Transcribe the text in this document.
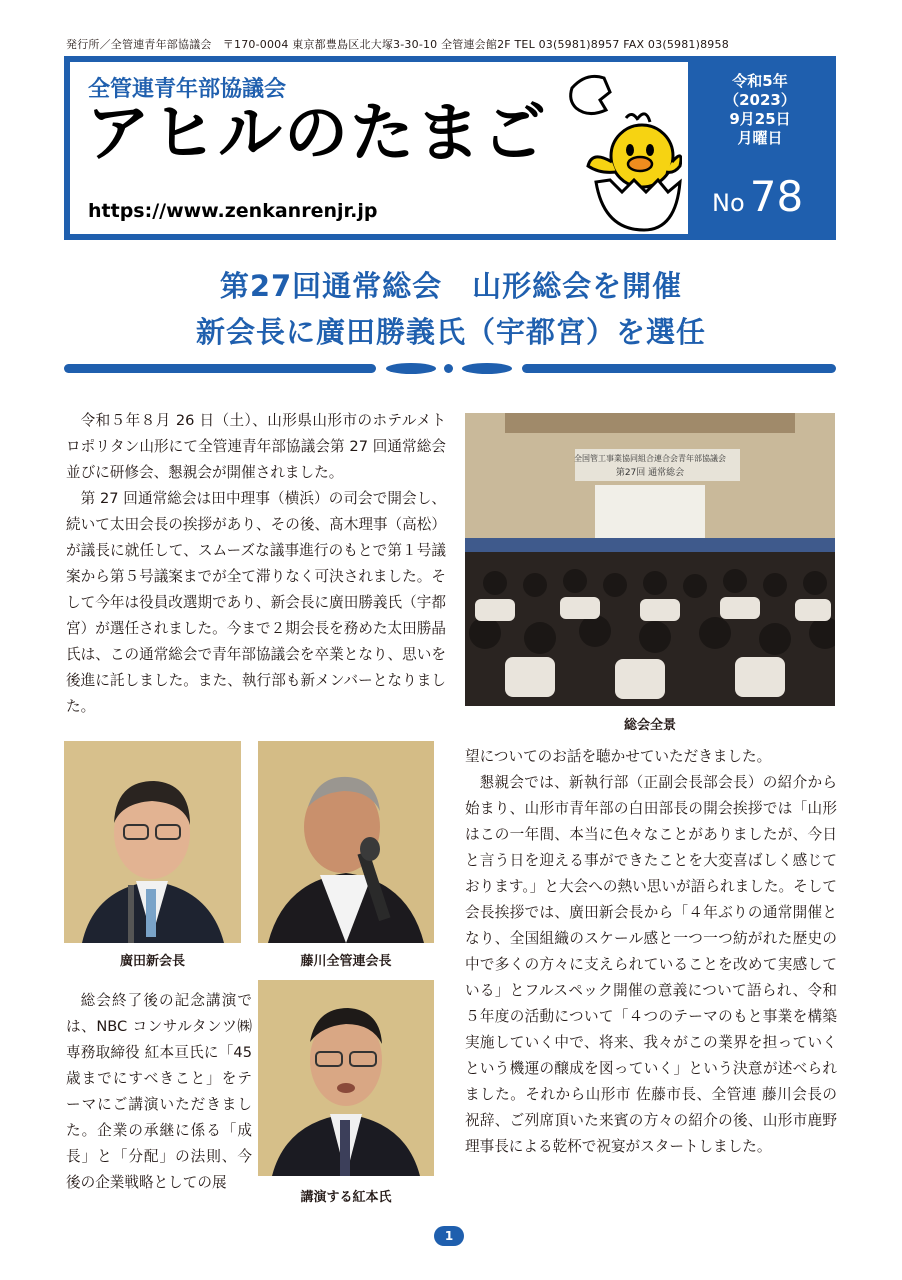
発行所／全管連青年部協議会　〒170-0004 東京都豊島区北大塚3-30-10 全管連会館2F TEL 03(5981)8957 FAX 03(5981)8958
全管連青年部協議会
アヒルのたまご
https://www.zenkanrenjr.jp
令和5年
（2023）
9月25日
月曜日
No 78
第27回通常総会　山形総会を開催
新会長に廣田勝義氏（宇都宮）を選任

令和５年８月 26 日（土）、山形県山形市のホテルメトロポリタン山形にて全管連青年部協議会第 27 回通常総会並びに研修会、懇親会が開催されました。

第 27 回通常総会は田中理事（横浜）の司会で開会し、続いて太田会長の挨拶があり、その後、髙木理事（高松）が議長に就任して、スムーズな議事進行のもとで第１号議案から第５号議案までが全て滞りなく可決されました。そして今年は役員改選期であり、新会長に廣田勝義氏（宇都宮）が選任されました。今まで２期会長を務めた太田勝晶氏は、この通常総会で青年部協議会を卒業となり、思いを後進に託しました。また、執行部も新メンバーとなりました。

全国管工事業協同組合連合会青年部協議会
第27回 通常総会
総会全景
廣田新会長	藤川全管連会長

総会終了後の記念講演では、NBC コンサルタンツ㈱専務取締役 紅本亘氏に「45 歳までにすべきこと」をテーマにご講演いただきました。企業の承継に係る「成長」と「分配」の法則、今後の企業戦略としての展

講演する紅本氏
望についてのお話を聴かせていただきました。

懇親会では、新執行部（正副会長部会長）の紹介から始まり、山形市青年部の白田部長の開会挨拶では「山形はこの一年間、本当に色々なことがありましたが、今日と言う日を迎える事ができたことを大変喜ばしく感じております。」と大会への熱い思いが語られました。そして会長挨拶では、廣田新会長から「４年ぶりの通常開催となり、全国組織のスケール感と一つ一つ紡がれた歴史の中で多くの方々に支えられていることを改めて実感している」とフルスペック開催の意義について語られ、令和５年度の活動について「４つのテーマのもと事業を構築実施していく中で、将来、我々がこの業界を担っていくという機運の醸成を図っていく」という決意が述べられました。それから山形市 佐藤市長、全管連 藤川会長の祝辞、ご列席頂いた来賓の方々の紹介の後、山形市鹿野理事長による乾杯で祝宴がスタートしました。

1
